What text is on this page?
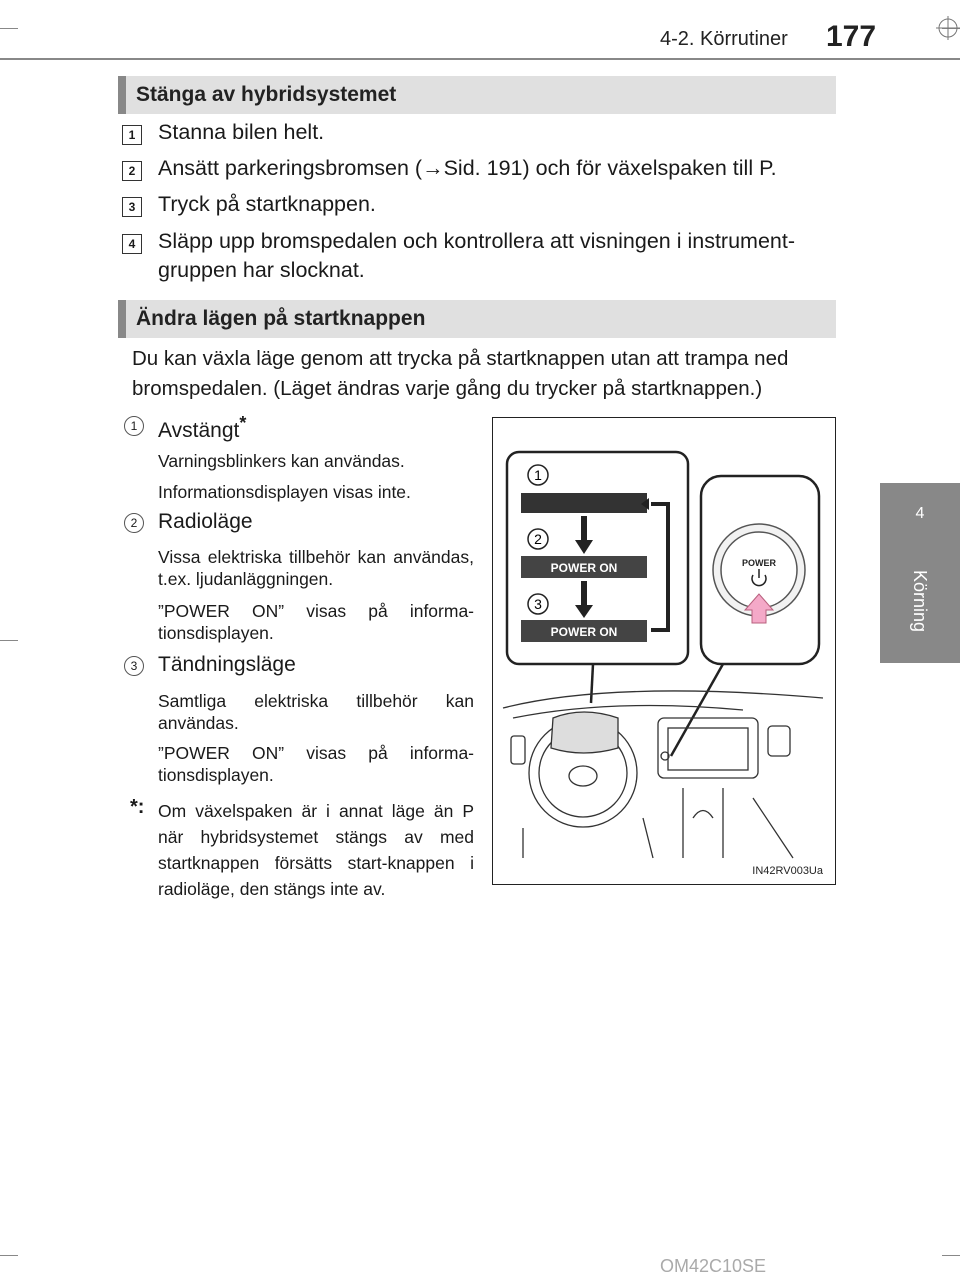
4-2. Körrutiner 177
4
Körning
Stänga av hybridsystemet
1	Stanna bilen helt.
2	Ansätt parkeringsbromsen (→Sid. 191) och för växelspaken till P.
3	Tryck på startknappen.
4	Släpp upp bromspedalen och kontrollera att visningen i instrument-
gruppen har slocknat.
Ändra lägen på startknappen
Du kan växla läge genom att trycka på startknappen utan att trampa ned
bromspedalen. (Läget ändras varje gång du trycker på startknappen.)
1 Avstängt*
Varningsblinkers kan användas.
Informationsdisplayen visas inte.
2 Radioläge
Vissa elektriska tillbehör kan användas, t.ex. ljudanläggningen.
”POWER ON” visas på informa-tionsdisplayen.
3 Tändningsläge
Samtliga elektriska tillbehör kan användas.
”POWER ON” visas på informa-tionsdisplayen.
*: Om växelspaken är i annat läge än P när hybridsystemet stängs av med startknappen försätts start-knappen i radioläge, den stängs inte av.
1
2
3
POWER ON
POWER ON
POWER
IN42RV003Ua
OM42C10SE
